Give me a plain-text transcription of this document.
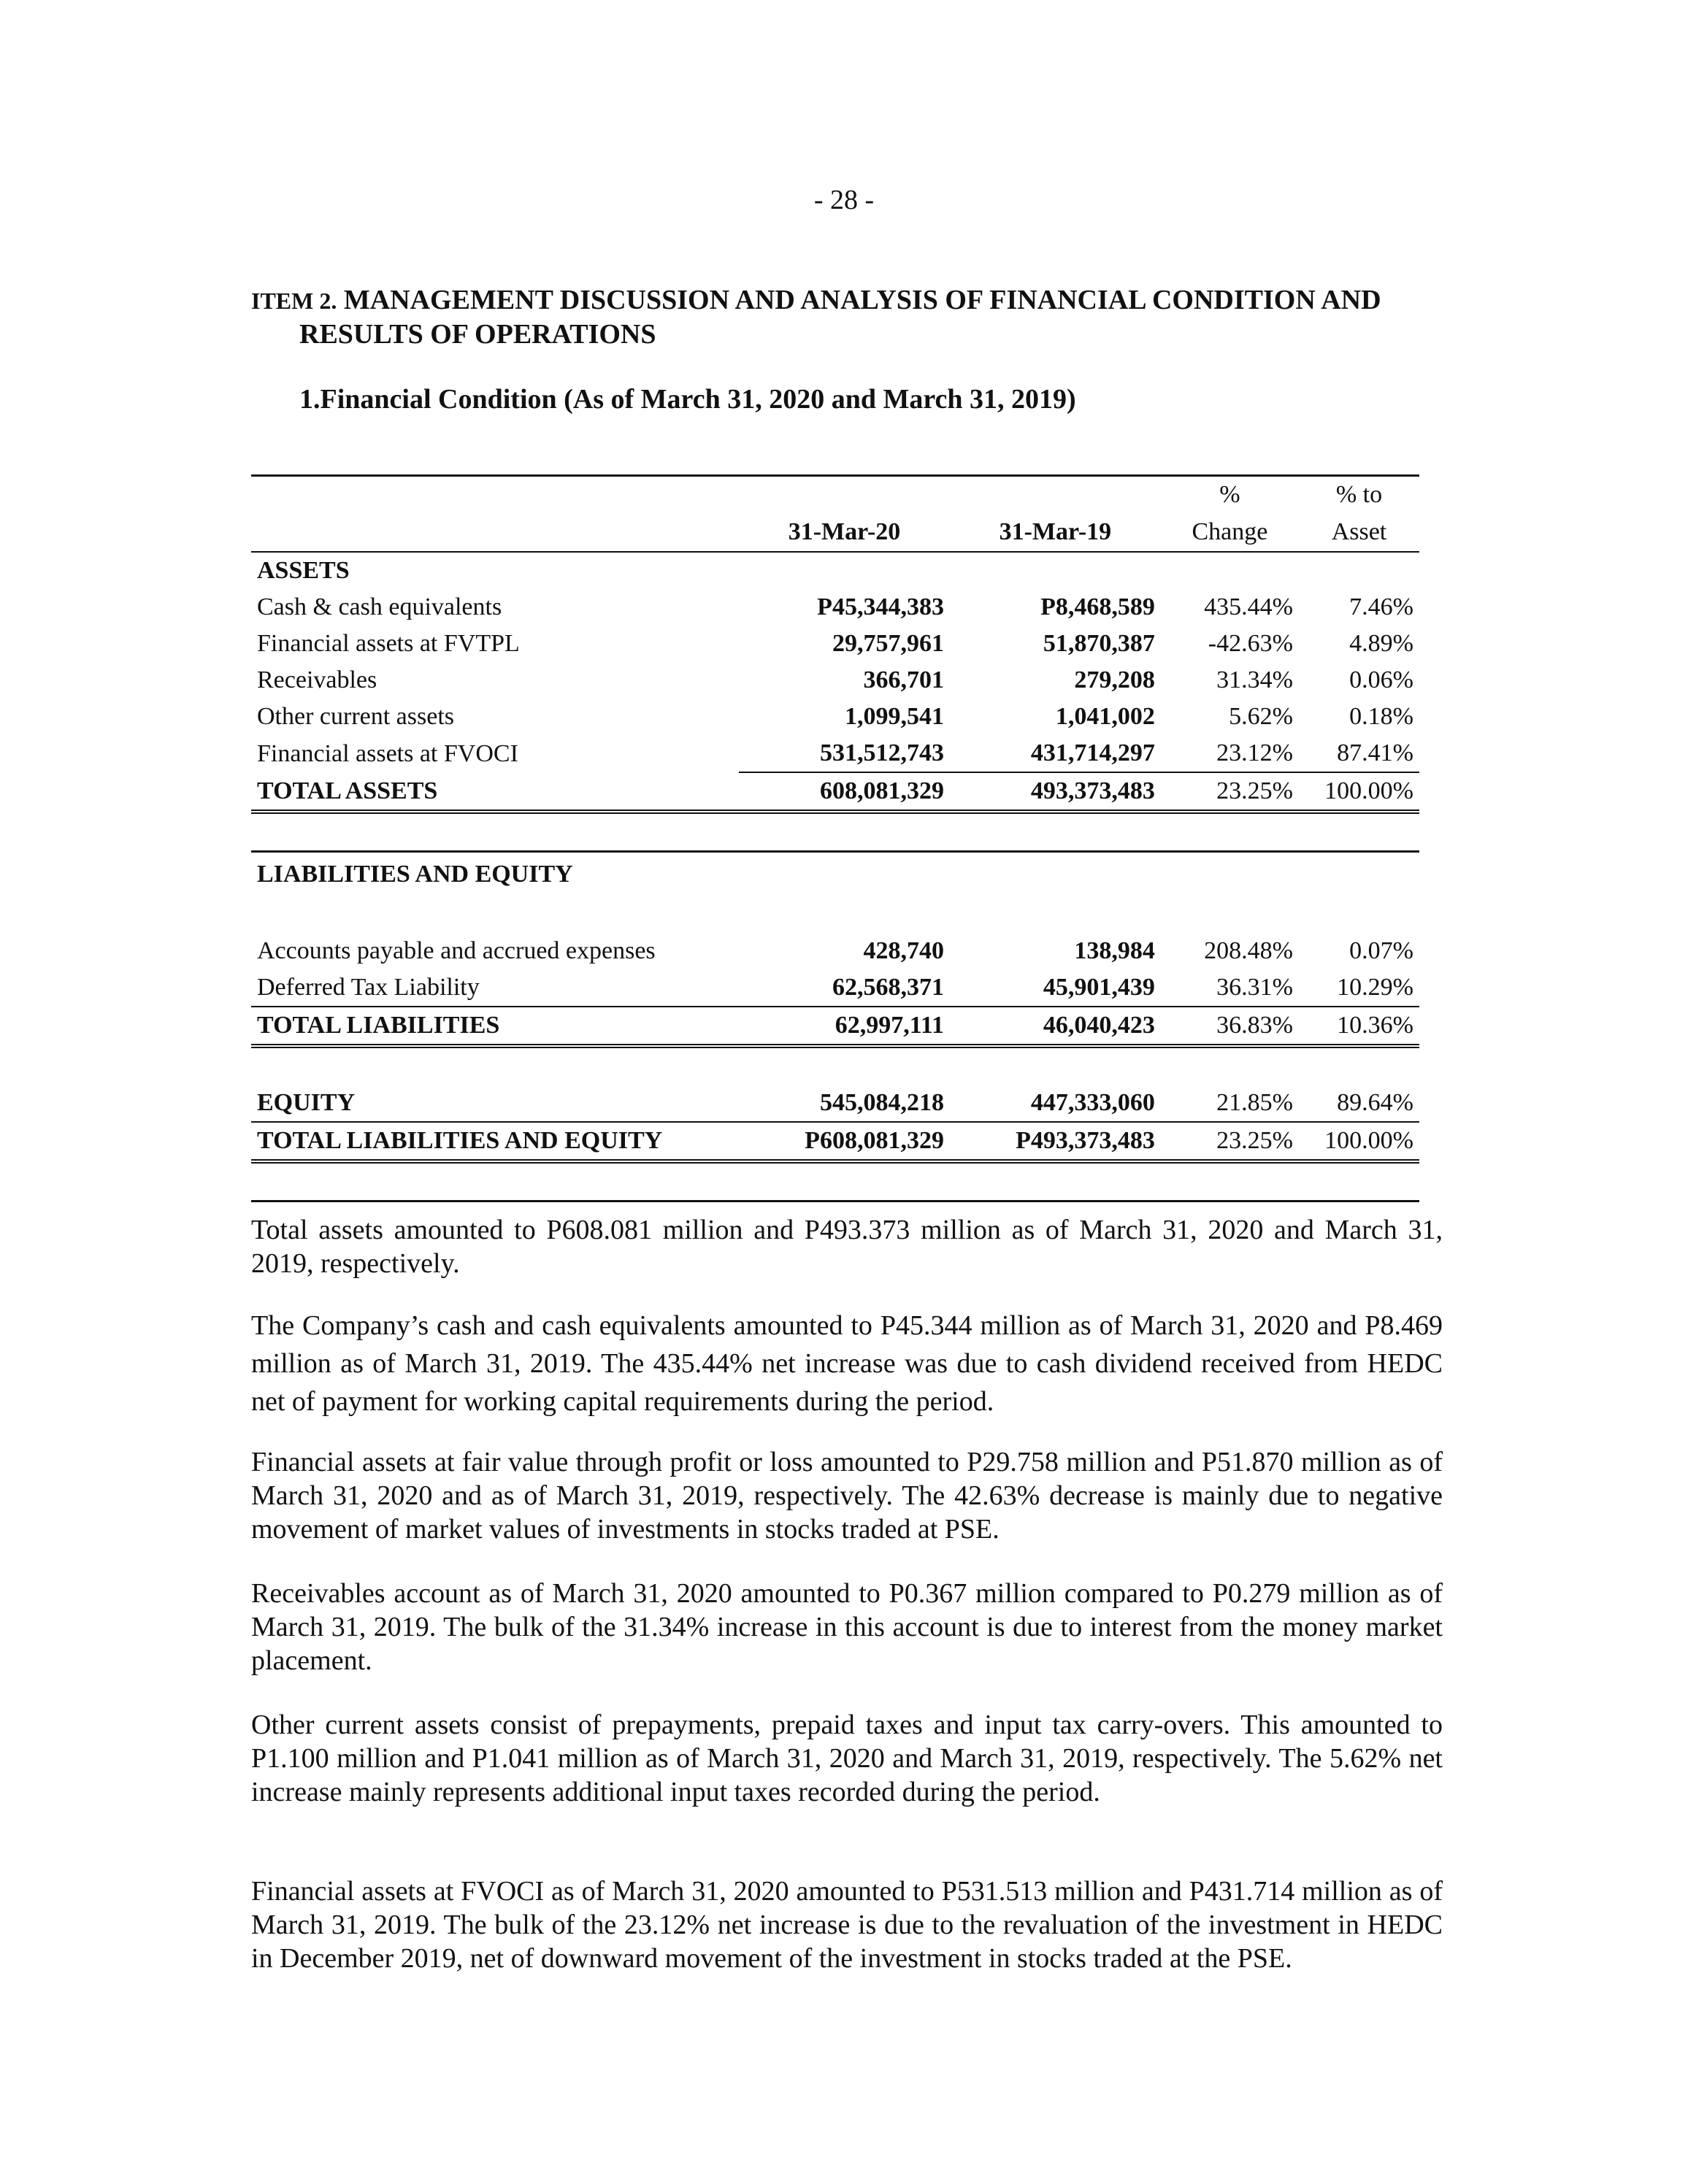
- 28 -
ITEM 2. MANAGEMENT DISCUSSION AND ANALYSIS OF FINANCIAL CONDITION AND
RESULTS OF OPERATIONS
1.Financial Condition (As of March 31, 2020 and March 31, 2019)
			%	% to
	31-Mar-20	31-Mar-19	Change	Asset
ASSETS				
Cash & cash equivalents	P45,344,383	P8,468,589	435.44%	7.46%
Financial assets at FVTPL	29,757,961	51,870,387	-42.63%	4.89%
Receivables	366,701	279,208	31.34%	0.06%
Other current assets	1,099,541	1,041,002	5.62%	0.18%
Financial assets at FVOCI	531,512,743	431,714,297	23.12%	87.41%
TOTAL ASSETS	608,081,329	493,373,483	23.25%	100.00%

LIABILITIES AND EQUITY				

Accounts payable and accrued expenses	428,740	138,984	208.48%	0.07%
Deferred Tax Liability	62,568,371	45,901,439	36.31%	10.29%
TOTAL LIABILITIES	62,997,111	46,040,423	36.83%	10.36%

EQUITY	545,084,218	447,333,060	21.85%	89.64%
TOTAL LIABILITIES AND EQUITY	P608,081,329	P493,373,483	23.25%	100.00%

Total assets amounted to P608.081 million and P493.373 million as of March 31, 2020 and March 31, 2019, respectively.

The Company’s cash and cash equivalents amounted to P45.344 million as of March 31, 2020 and P8.469 million as of March 31, 2019. The 435.44% net increase was due to cash dividend received from HEDC net of payment for working capital requirements during the period.

Financial assets at fair value through profit or loss amounted to P29.758 million and P51.870 million as of March 31, 2020 and as of March 31, 2019, respectively. The 42.63% decrease is mainly due to negative movement of market values of investments in stocks traded at PSE.

Receivables account as of March 31, 2020 amounted to P0.367 million compared to P0.279 million as of March 31, 2019. The bulk of the 31.34% increase in this account is due to interest from the money market placement.

Other current assets consist of prepayments, prepaid taxes and input tax carry-overs. This amounted to P1.100 million and P1.041 million as of March 31, 2020 and March 31, 2019, respectively. The 5.62% net increase mainly represents additional input taxes recorded during the period.

Financial assets at FVOCI as of March 31, 2020 amounted to P531.513 million and P431.714 million as of March 31, 2019. The bulk of the 23.12% net increase is due to the revaluation of the investment in HEDC in December 2019, net of downward movement of the investment in stocks traded at the PSE.
